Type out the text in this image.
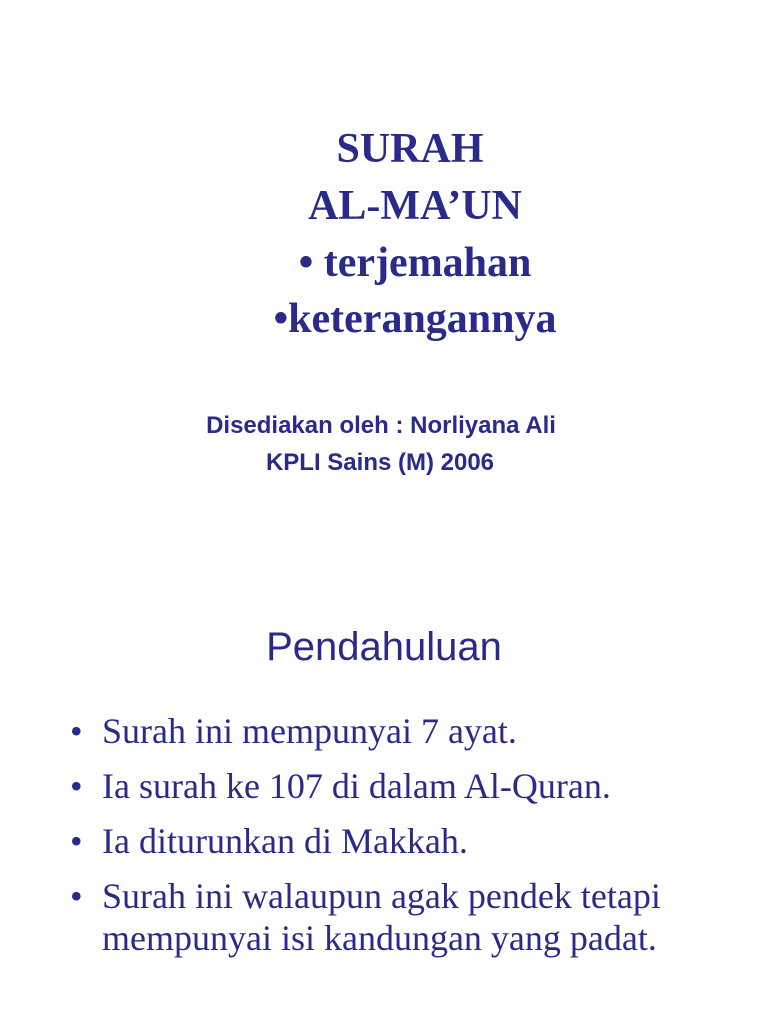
SURAH
AL-MA’UN
• terjemahan
•keterangannya
Disediakan oleh : Norliyana Ali
KPLI Sains (M) 2006
Pendahuluan
• Surah ini mempunyai 7 ayat.
• Ia surah ke 107 di dalam Al-Quran.
• Ia diturunkan di Makkah.
• Surah ini walaupun agak pendek tetapi mempunyai isi kandungan yang padat.
